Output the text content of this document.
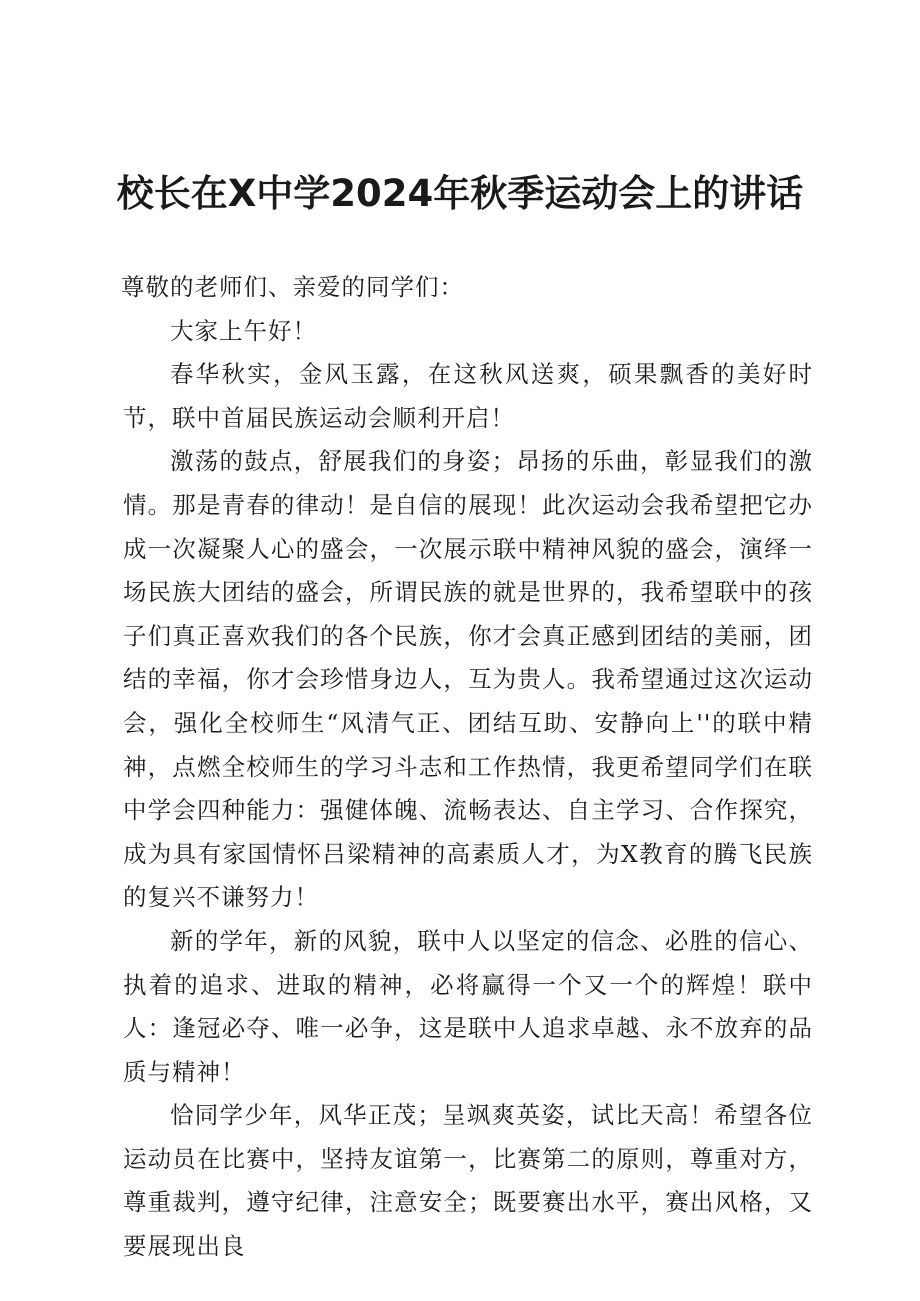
校长在X中学2024年秋季运动会上的讲话

尊敬的老师们、亲爱的同学们：

大家上午好！

春华秋实，金风玉露，在这秋风送爽，硕果飘香的美好时节，联中首届民族运动会顺利开启！

激荡的鼓点，舒展我们的身姿；昂扬的乐曲，彰显我们的激情。那是青春的律动！是自信的展现！此次运动会我希望把它办成一次凝聚人心的盛会，一次展示联中精神风貌的盛会，演绎一场民族大团结的盛会，所谓民族的就是世界的，我希望联中的孩子们真正喜欢我们的各个民族，你才会真正感到团结的美丽，团结的幸福，你才会珍惜身边人，互为贵人。我希望通过这次运动会，强化全校师生“风清气正、团结互助、安静向上''的联中精神，点燃全校师生的学习斗志和工作热情，我更希望同学们在联中学会四种能力：强健体魄、流畅表达、自主学习、合作探究，成为具有家国情怀吕梁精神的高素质人才，为X教育的腾飞民族的复兴不谦努力！

新的学年，新的风貌，联中人以坚定的信念、必胜的信心、执着的追求、进取的精神，必将赢得一个又一个的辉煌！联中人：逢冠必夺、唯一必争，这是联中人追求卓越、永不放弃的品质与精神！

恰同学少年，风华正茂；呈飒爽英姿，试比天高！希望各位运动员在比赛中，坚持友谊第一，比赛第二的原则，尊重对方，尊重裁判，遵守纪律，注意安全；既要赛出水平，赛出风格，又要展现出良
